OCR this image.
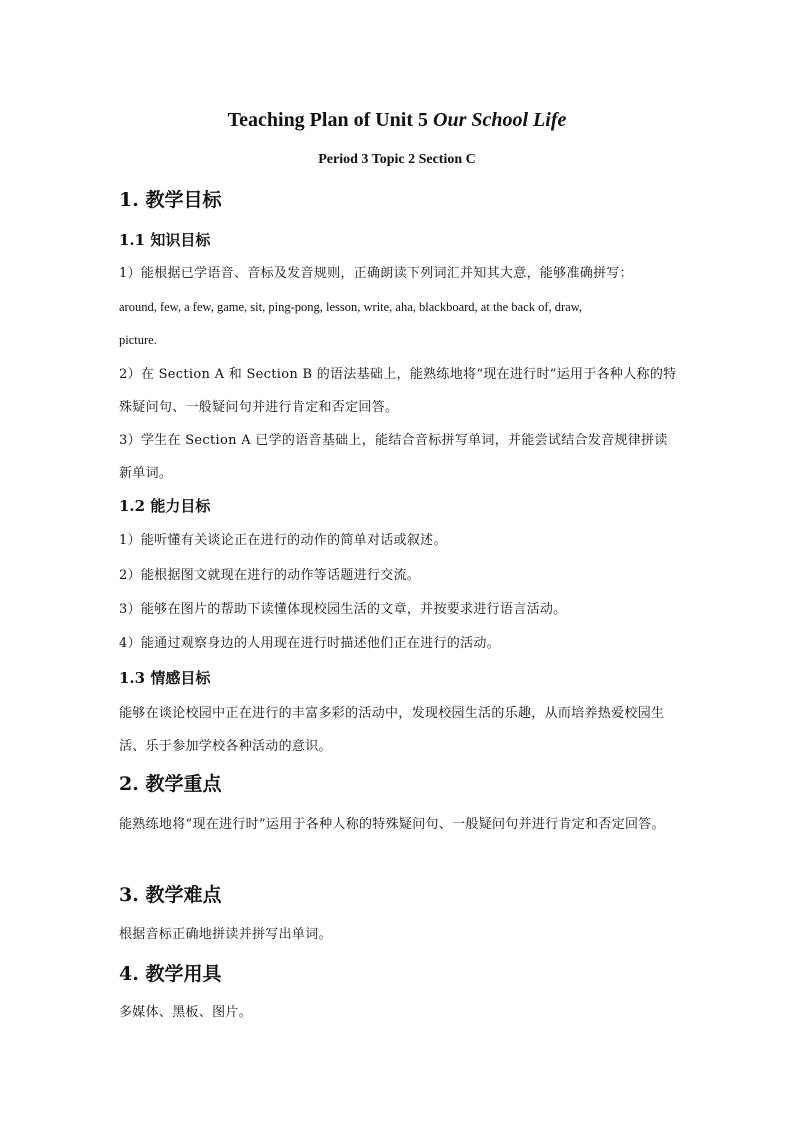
Teaching Plan of Unit 5 Our School Life
Period 3 Topic 2 Section C
1. 教学目标
1.1 知识目标
1）能根据已学语音、音标及发音规则，正确朗读下列词汇并知其大意，能够准确拼写：
around, few, a few, game, sit, ping-pong, lesson, write, aha, blackboard, at the back of, draw,
picture.
2）在 Section A 和 Section B 的语法基础上，能熟练地将“现在进行时”运用于各种人称的特殊疑问句、一般疑问句并进行肯定和否定回答。
3）学生在 Section A 已学的语音基础上，能结合音标拼写单词，并能尝试结合发音规律拼读新单词。
1.2 能力目标
1）能听懂有关谈论正在进行的动作的简单对话或叙述。
2）能根据图文就现在进行的动作等话题进行交流。
3）能够在图片的帮助下读懂体现校园生活的文章，并按要求进行语言活动。
4）能通过观察身边的人用现在进行时描述他们正在进行的活动。
1.3 情感目标
能够在谈论校园中正在进行的丰富多彩的活动中，发现校园生活的乐趣，从而培养热爱校园生活、乐于参加学校各种活动的意识。
2. 教学重点
能熟练地将“现在进行时”运用于各种人称的特殊疑问句、一般疑问句并进行肯定和否定回答。
3. 教学难点
根据音标正确地拼读并拼写出单词。
4. 教学用具
多媒体、黑板、图片。
